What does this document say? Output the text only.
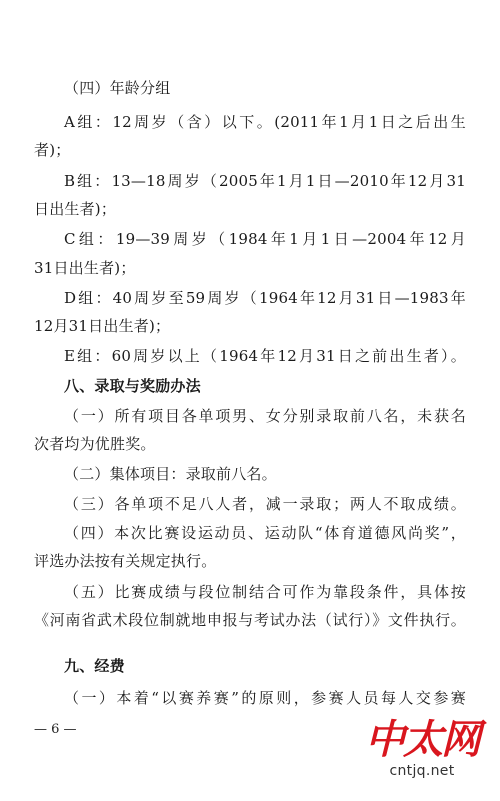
（四）年龄分组
A组：12周岁（含）以下。(2011年1月1日之后出生
者)；
B组：13—18周岁（2005年1月1日—2010年12月31
日出生者)；
C组：19—39周岁（1984年1月1日—2004年12月
31日出生者)；
D组：40周岁至59周岁（1964年12月31日—1983年
12月31日出生者)；
E组：60周岁以上（1964年12月31日之前出生者）。
八、录取与奖励办法
（一）所有项目各单项男、女分别录取前八名，未获名
次者均为优胜奖。
（二）集体项目：录取前八名。
（三）各单项不足八人者，减一录取；两人不取成绩。
（四）本次比赛设运动员、运动队“体育道德风尚奖”，
评选办法按有关规定执行。
（五）比赛成绩与段位制结合可作为靠段条件，具体按
《河南省武术段位制就地申报与考试办法（试行）》文件执行。
九、经费
（一）本着“以赛养赛”的原则，参赛人员每人交参赛
— 6 —	中太网
cntjq.net
